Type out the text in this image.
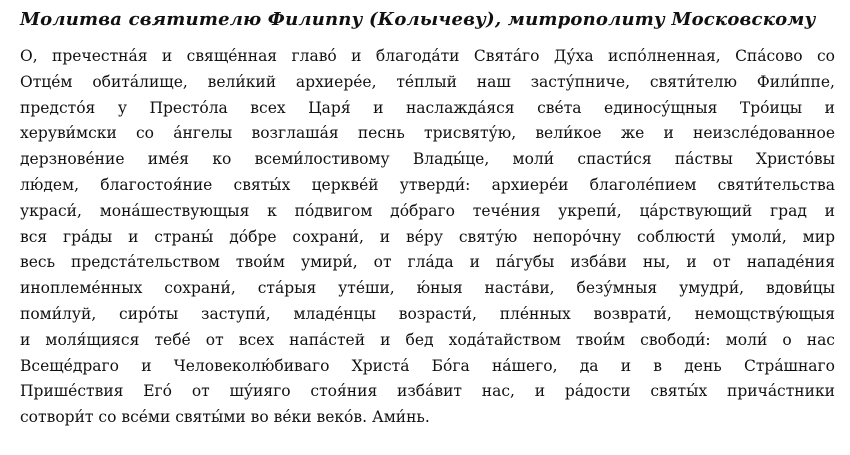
Молитва святителю Филиппу (Колычеву), митрополиту Московскому
О, пречестна́я и свяще́нная главо́ и благода́ти Свята́го Ду́ха испо́лненная, Спа́сово со
Отце́м обита́лище, вели́кий архиере́е, те́плый наш засту́пниче, святи́телю Фили́ппе,
предсто́я у Престо́ла всех Царя́ и наслажда́яся све́та единосу́щныя Тро́ицы и
херуви́мски со а́нгелы возглаша́я песнь трисвяту́ю, вели́кое же и неизсле́дованное
дерзнове́ние име́я ко всеми́лостивому Влады́це, моли́ спасти́ся па́ствы Христо́вы
лю́дем, благостоя́ние святы́х церкве́й утверди́: архиере́и благоле́пием святи́тельства
украси́, мона́шествующыя к по́двигом до́браго тече́ния укрепи́, ца́рствующий град и
вся гра́ды и страны́ до́бре сохрани́, и ве́ру святу́ю непоро́чну соблюсти́ умоли́, мир
весь предста́тельством твои́м умири́, от гла́да и па́губы изба́ви ны, и от нападе́ния
иноплеме́нных сохрани́, ста́рыя уте́ши, ю́ныя наста́ви, безу́мныя умудри́, вдови́цы
поми́луй, сиро́ты заступи́, младе́нцы возрасти́, пле́нных возврати́, немощству́ющыя
и моля́щияся тебе́ от всех напа́стей и бед хода́тайством твои́м свободи́: моли́ о нас
Всеще́драго и Человеколю́биваго Христа́ Бо́га на́шего, да и в день Стра́шнаго
Прише́ствия Его́ от шу́ияго стоя́ния изба́вит нас, и ра́дости святы́х прича́стники
сотвори́т со все́ми святы́ми во ве́ки веко́в. Ами́нь.
